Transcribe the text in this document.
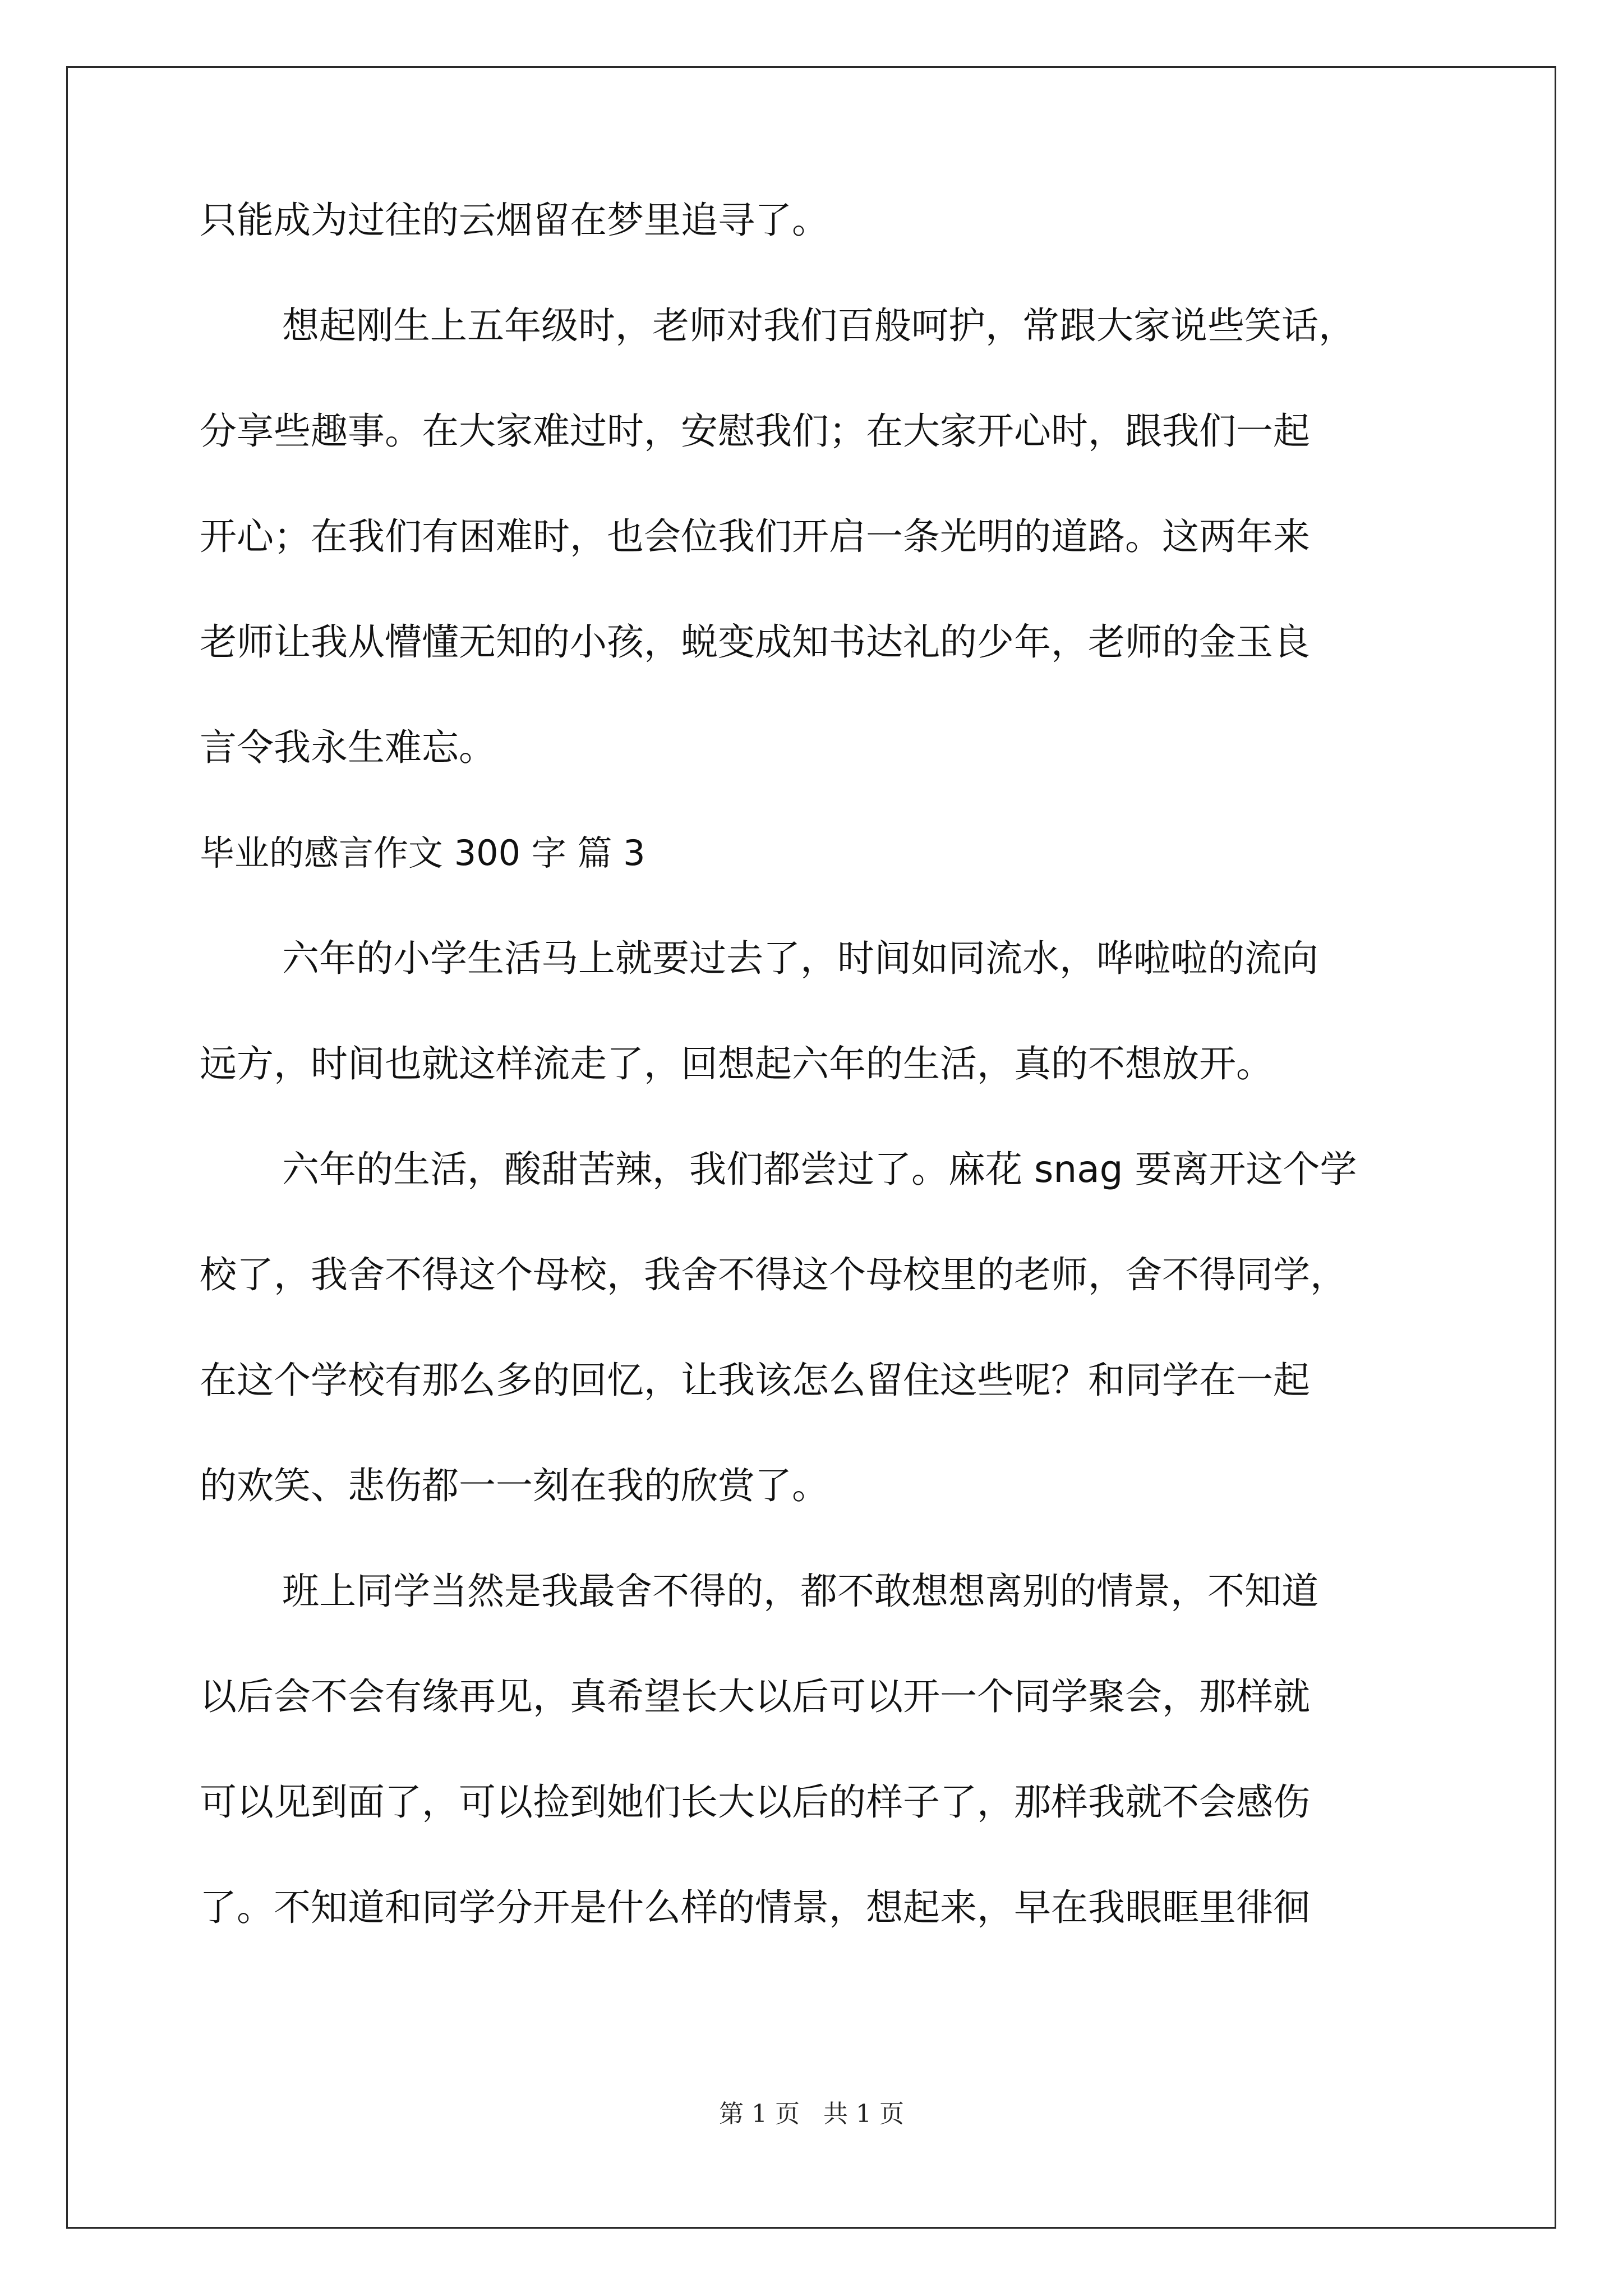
只能成为过往的云烟留在梦里追寻了。
想起刚生上五年级时，老师对我们百般呵护，常跟大家说些笑话，
分享些趣事。在大家难过时，安慰我们；在大家开心时，跟我们一起
开心；在我们有困难时，也会位我们开启一条光明的道路。这两年来
老师让我从懵懂无知的小孩，蜕变成知书达礼的少年，老师的金玉良
言令我永生难忘。
毕业的感言作文 300 字 篇 3
六年的小学生活马上就要过去了，时间如同流水，哗啦啦的流向
远方，时间也就这样流走了，回想起六年的生活，真的不想放开。
六年的生活，酸甜苦辣，我们都尝过了。麻花 snag 要离开这个学
校了，我舍不得这个母校，我舍不得这个母校里的老师，舍不得同学，
在这个学校有那么多的回忆，让我该怎么留住这些呢？和同学在一起
的欢笑、悲伤都一一刻在我的欣赏了。
班上同学当然是我最舍不得的，都不敢想想离别的情景，不知道
以后会不会有缘再见，真希望长大以后可以开一个同学聚会，那样就
可以见到面了，可以捡到她们长大以后的样子了，那样我就不会感伤
了。不知道和同学分开是什么样的情景，想起来，早在我眼眶里徘徊
第 1 页   共 1 页
